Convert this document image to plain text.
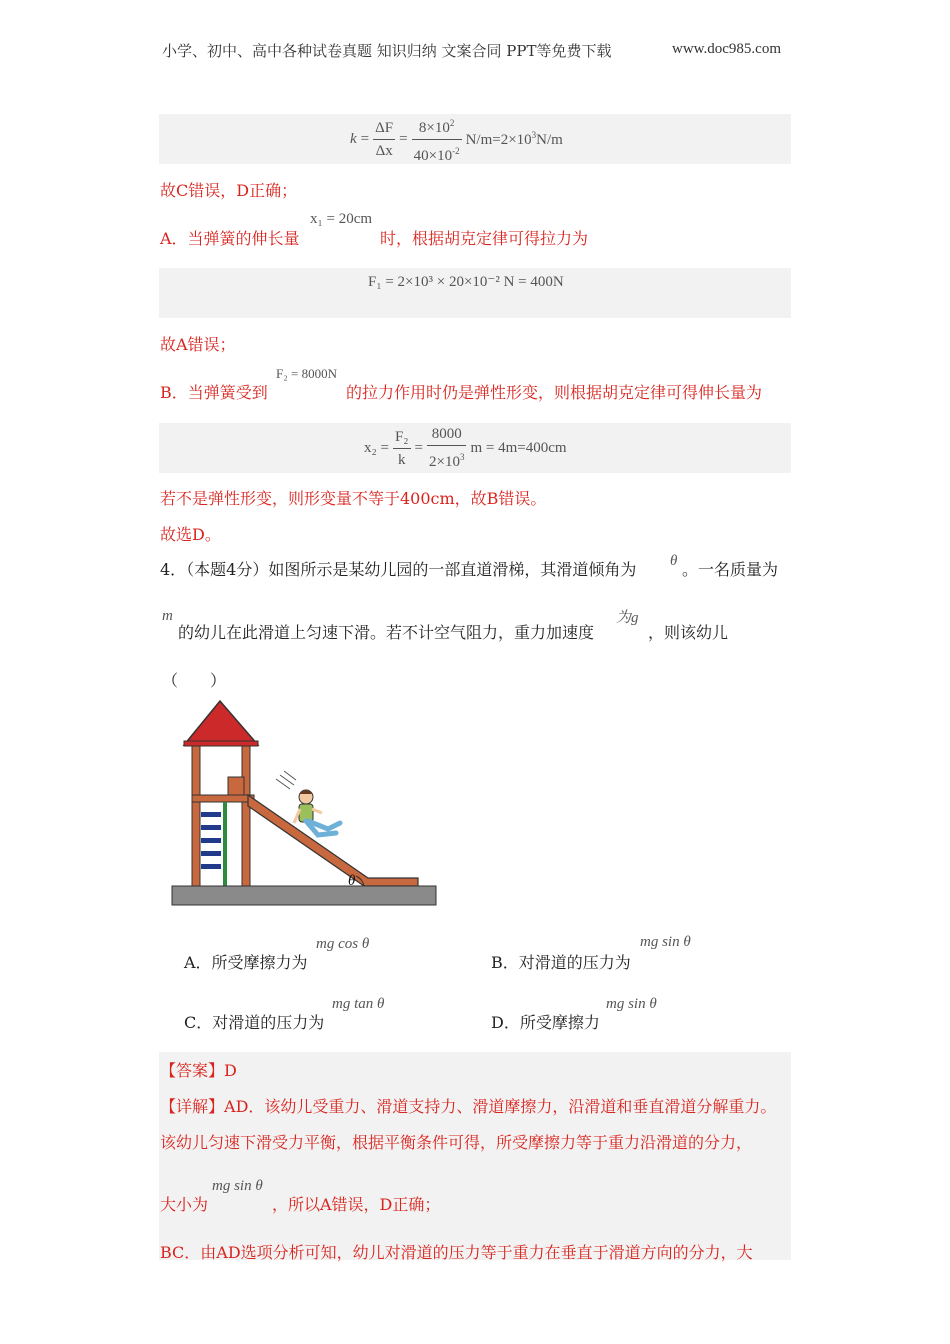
小学、初中、高中各种试卷真题 知识归纳 文案合同 PPT等免费下载	www.doc985.com
$k = \frac{\Delta F}{\Delta x} = \frac{8\times 10^2}{40\times 10^{-2}} N/m=2\times 10^3N/m$
故C错误，D正确；
A．当弹簧的伸长量
x₁ = 20cm
时，根据胡克定律可得拉力为
F₁ = 2×10³ × 20×10⁻² N = 400N
故A错误；
B．当弹簧受到
F₂ = 8000N
的拉力作用时仍是弹性形变，则根据胡克定律可得伸长量为
$x_2 = \frac{\text{F₂}}{k} = \frac{8000}{2\times 10^3}$ m = 4m=400cm
若不是弹性形变，则形变量不等于400cm，故B错误。
故选D。
4．（本题4分）如图所示是某幼儿园的一部直道滑梯，其滑道倾角为 θ 。一名质量为
m
的幼儿在此滑道上匀速下滑。若不计空气阻力，重力加速度
为g
，则该幼儿
（　　）
θ
A．所受摩擦力为
mg cos θ
B．对滑道的压力为
mg sin θ
C．对滑道的压力为
mg tan θ
D．所受摩擦力
mg sin θ
【答案】D
【详解】AD．该幼儿受重力、滑道支持力、滑道摩擦力，沿滑道和垂直滑道分解重力。
该幼儿匀速下滑受力平衡，根据平衡条件可得，所受摩擦力等于重力沿滑道的分力，
大小为
mg sin θ
，所以A错误，D正确；
BC．由AD选项分析可知，幼儿对滑道的压力等于重力在垂直于滑道方向的分力，大
